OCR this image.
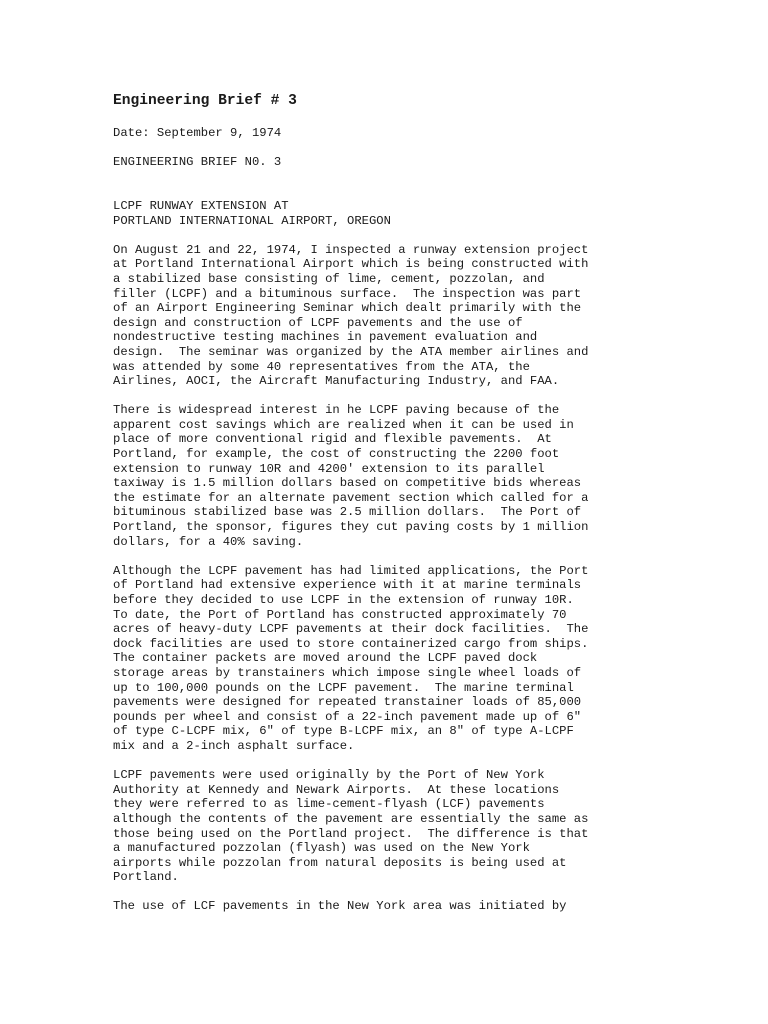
Engineering Brief # 3
Date: September 9, 1974
ENGINEERING BRIEF N0. 3
LCPF RUNWAY EXTENSION AT
PORTLAND INTERNATIONAL AIRPORT, OREGON
On August 21 and 22, 1974, I inspected a runway extension project
at Portland International Airport which is being constructed with
a stabilized base consisting of lime, cement, pozzolan, and
filler (LCPF) and a bituminous surface.  The inspection was part
of an Airport Engineering Seminar which dealt primarily with the
design and construction of LCPF pavements and the use of
nondestructive testing machines in pavement evaluation and
design.  The seminar was organized by the ATA member airlines and
was attended by some 40 representatives from the ATA, the
Airlines, AOCI, the Aircraft Manufacturing Industry, and FAA.
There is widespread interest in he LCPF paving because of the
apparent cost savings which are realized when it can be used in
place of more conventional rigid and flexible pavements.  At
Portland, for example, the cost of constructing the 2200 foot
extension to runway 10R and 4200' extension to its parallel
taxiway is 1.5 million dollars based on competitive bids whereas
the estimate for an alternate pavement section which called for a
bituminous stabilized base was 2.5 million dollars.  The Port of
Portland, the sponsor, figures they cut paving costs by 1 million
dollars, for a 40% saving.
Although the LCPF pavement has had limited applications, the Port
of Portland had extensive experience with it at marine terminals
before they decided to use LCPF in the extension of runway 10R.
To date, the Port of Portland has constructed approximately 70
acres of heavy-duty LCPF pavements at their dock facilities.  The
dock facilities are used to store containerized cargo from ships.
The container packets are moved around the LCPF paved dock
storage areas by transtainers which impose single wheel loads of
up to 100,000 pounds on the LCPF pavement.  The marine terminal
pavements were designed for repeated transtainer loads of 85,000
pounds per wheel and consist of a 22-inch pavement made up of 6"
of type C-LCPF mix, 6" of type B-LCPF mix, an 8" of type A-LCPF
mix and a 2-inch asphalt surface.
LCPF pavements were used originally by the Port of New York
Authority at Kennedy and Newark Airports.  At these locations
they were referred to as lime-cement-flyash (LCF) pavements
although the contents of the pavement are essentially the same as
those being used on the Portland project.  The difference is that
a manufactured pozzolan (flyash) was used on the New York
airports while pozzolan from natural deposits is being used at
Portland.
The use of LCF pavements in the New York area was initiated by
